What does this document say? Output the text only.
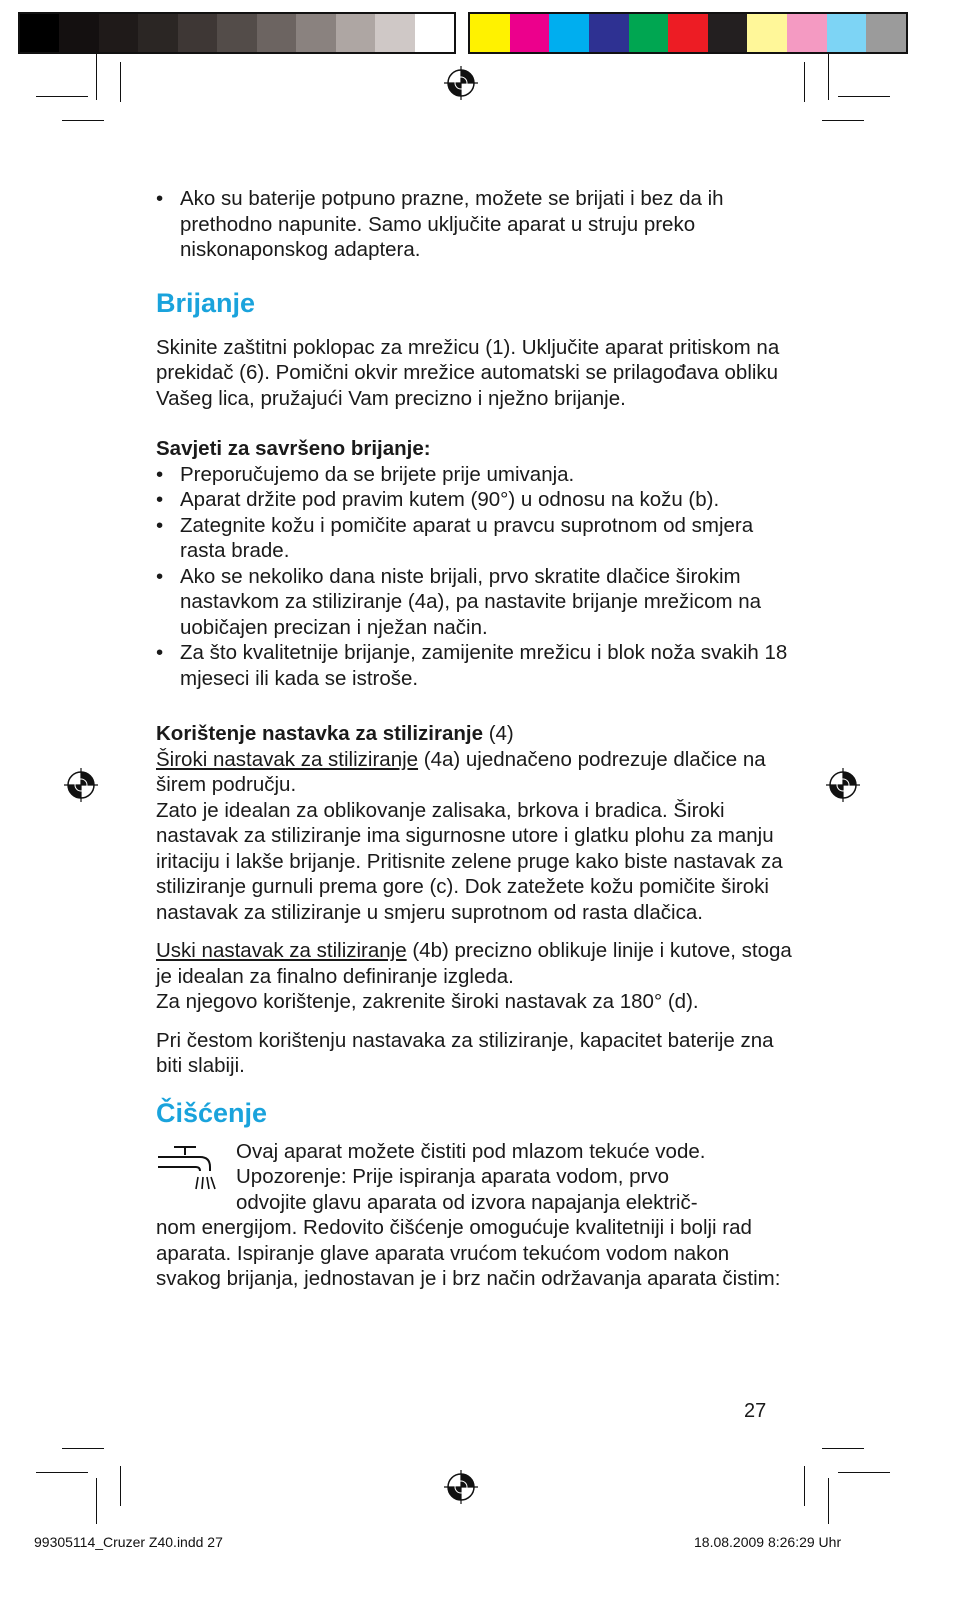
• Ako su baterije potpuno prazne, možete se brijati i bez da ih prethodno napunite. Samo uključite aparat u struju preko niskonaponskog adaptera.
Brijanje

Skinite zaštitni poklopac za mrežicu (1). Uključite aparat pritiskom na prekidač (6). Pomični okvir mrežice automatski se prilagođava obliku Vašeg lica, pružajući Vam precizno i nježno brijanje.

Savjeti za savršeno brijanje:

• Preporučujemo da se brijete prije umivanja.
• Aparat držite pod pravim kutem (90°) u odnosu na kožu (b).
• Zategnite kožu i pomičite aparat u pravcu suprotnom od smjera rasta brade.
• Ako se nekoliko dana niste brijali, prvo skratite dlačice širokim nastavkom za stiliziranje (4a), pa nastavite brijanje mrežicom na uobičajen precizan i nježan način.
• Za što kvalitetnije brijanje, zamijenite mrežicu i blok noža svakih 18 mjeseci ili kada se istroše.

Korištenje nastavka za stiliziranje (4)

Široki nastavak za stiliziranje (4a) ujednačeno podrezuje dlačice na širem području.

Zato je idealan za oblikovanje zalisaka, brkova i bradica. Široki nastavak za stiliziranje ima sigurnosne utore i glatku plohu za manju iritaciju i lakše brijanje. Pritisnite zelene pruge kako biste nastavak za stiliziranje gurnuli prema gore (c). Dok zatežete kožu pomičite široki nastavak za stiliziranje u smjeru suprotnom od rasta dlačica.

Uski nastavak za stiliziranje (4b) precizno oblikuje linije i kutove, stoga je idealan za finalno definiranje izgleda.

Za njegovo korištenje, zakrenite široki nastavak za 180° (d).

Pri čestom korištenju nastavaka za stiliziranje, kapacitet baterije zna biti slabiji.

Čišćenje

Ovaj aparat možete čistiti pod mlazom tekuće vode.

Upozorenje: Prije ispiranja aparata vodom, prvo

odvojite glavu aparata od izvora napajanja električ-

nom energijom. Redovito čišćenje omogućuje kvalitetniji i bolji rad aparata. Ispiranje glave aparata vrućom tekućom vodom nakon svakog brijanja, jednostavan je i brz način održavanja aparata čistim:

27
99305114_Cruzer Z40.indd 27	18.08.2009 8:26:29 Uhr
